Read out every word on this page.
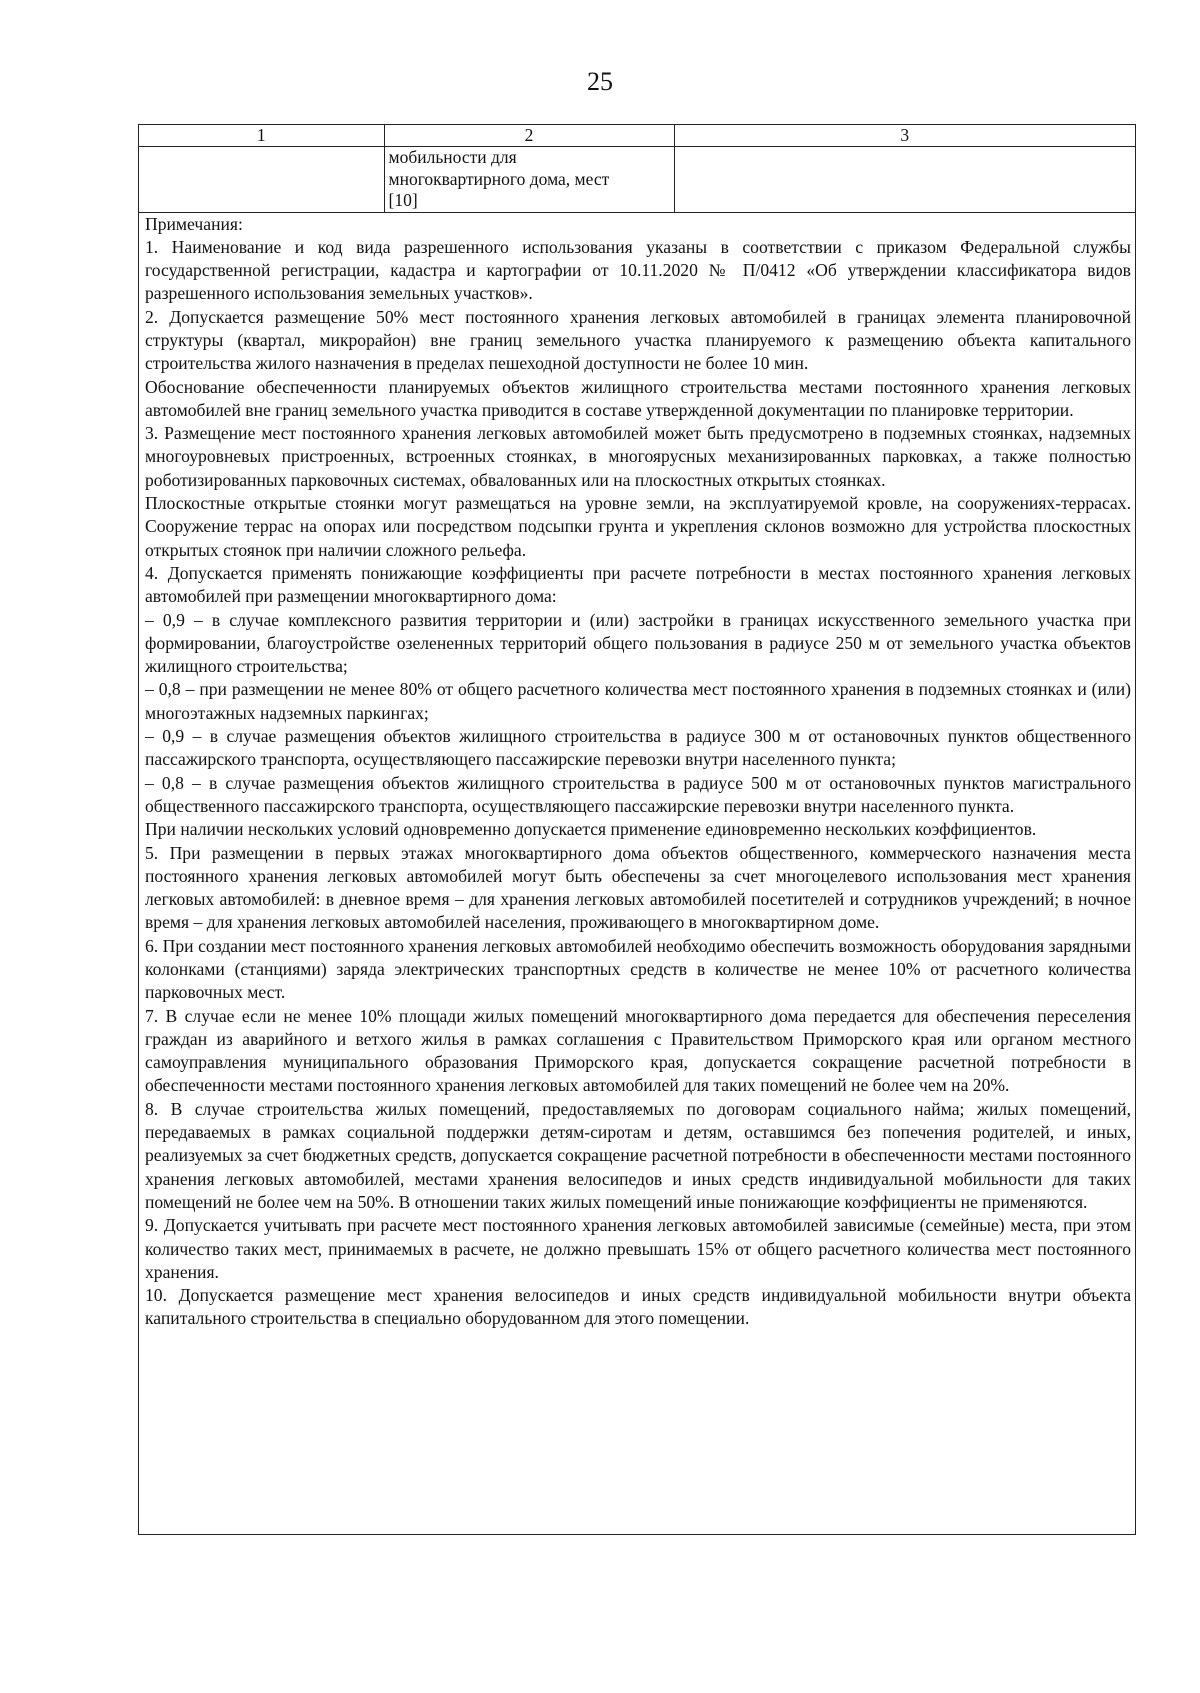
25
1	2	3

	мобильности для
многоквартирного дома, мест
[10]	

Примечания:

1. Наименование и код вида разрешенного использования указаны в соответствии с приказом Федеральной службы государственной регистрации, кадастра и картографии от 10.11.2020 № П/0412 «Об утверждении классификатора видов разрешенного использования земельных участков».

2. Допускается размещение 50% мест постоянного хранения легковых автомобилей в границах элемента планировочной структуры (квартал, микрорайон) вне границ земельного участка планируемого к размещению объекта капитального строительства жилого назначения в пределах пешеходной доступности не более 10 мин.

Обоснование обеспеченности планируемых объектов жилищного строительства местами постоянного хранения легковых автомобилей вне границ земельного участка приводится в составе утвержденной документации по планировке территории.

3. Размещение мест постоянного хранения легковых автомобилей может быть предусмотрено в подземных стоянках, надземных многоуровневых пристроенных, встроенных стоянках, в многоярусных механизированных парковках, а также полностью роботизированных парковочных системах, обвалованных или на плоскостных открытых стоянках.

Плоскостные открытые стоянки могут размещаться на уровне земли, на эксплуатируемой кровле, на сооружениях-террасах. Сооружение террас на опорах или посредством подсыпки грунта и укрепления склонов возможно для устройства плоскостных открытых стоянок при наличии сложного рельефа.

4. Допускается применять понижающие коэффициенты при расчете потребности в местах постоянного хранения легковых автомобилей при размещении многоквартирного дома:

– 0,9 – в случае комплексного развития территории и (или) застройки в границах искусственного земельного участка при формировании, благоустройстве озелененных территорий общего пользования в радиусе 250 м от земельного участка объектов жилищного строительства;

– 0,8 – при размещении не менее 80% от общего расчетного количества мест постоянного хранения в подземных стоянках и (или) многоэтажных надземных паркингах;

– 0,9 – в случае размещения объектов жилищного строительства в радиусе 300 м от остановочных пунктов общественного пассажирского транспорта, осуществляющего пассажирские перевозки внутри населенного пункта;

– 0,8 – в случае размещения объектов жилищного строительства в радиусе 500 м от остановочных пунктов магистрального общественного пассажирского транспорта, осуществляющего пассажирские перевозки внутри населенного пункта.

При наличии нескольких условий одновременно допускается применение единовременно нескольких коэффициентов.

5. При размещении в первых этажах многоквартирного дома объектов общественного, коммерческого назначения места постоянного хранения легковых автомобилей могут быть обеспечены за счет многоцелевого использования мест хранения легковых автомобилей: в дневное время – для хранения легковых автомобилей посетителей и сотрудников учреждений; в ночное время – для хранения легковых автомобилей населения, проживающего в многоквартирном доме.

6. При создании мест постоянного хранения легковых автомобилей необходимо обеспечить возможность оборудования зарядными колонками (станциями) заряда электрических транспортных средств в количестве не менее 10% от расчетного количества парковочных мест.

7. В случае если не менее 10% площади жилых помещений многоквартирного дома передается для обеспечения переселения граждан из аварийного и ветхого жилья в рамках соглашения с Правительством Приморского края или органом местного самоуправления муниципального образования Приморского края, допускается сокращение расчетной потребности в обеспеченности местами постоянного хранения легковых автомобилей для таких помещений не более чем на 20%.

8. В случае строительства жилых помещений, предоставляемых по договорам социального найма; жилых помещений, передаваемых в рамках социальной поддержки детям-сиротам и детям, оставшимся без попечения родителей, и иных, реализуемых за счет бюджетных средств, допускается сокращение расчетной потребности в обеспеченности местами постоянного хранения легковых автомобилей, местами хранения велосипедов и иных средств индивидуальной мобильности для таких помещений не более чем на 50%. В отношении таких жилых помещений иные понижающие коэффициенты не применяются.

9. Допускается учитывать при расчете мест постоянного хранения легковых автомобилей зависимые (семейные) места, при этом количество таких мест, принимаемых в расчете, не должно превышать 15% от общего расчетного количества мест постоянного хранения.

10. Допускается размещение мест хранения велосипедов и иных средств индивидуальной мобильности внутри объекта капитального строительства в специально оборудованном для этого помещении.
